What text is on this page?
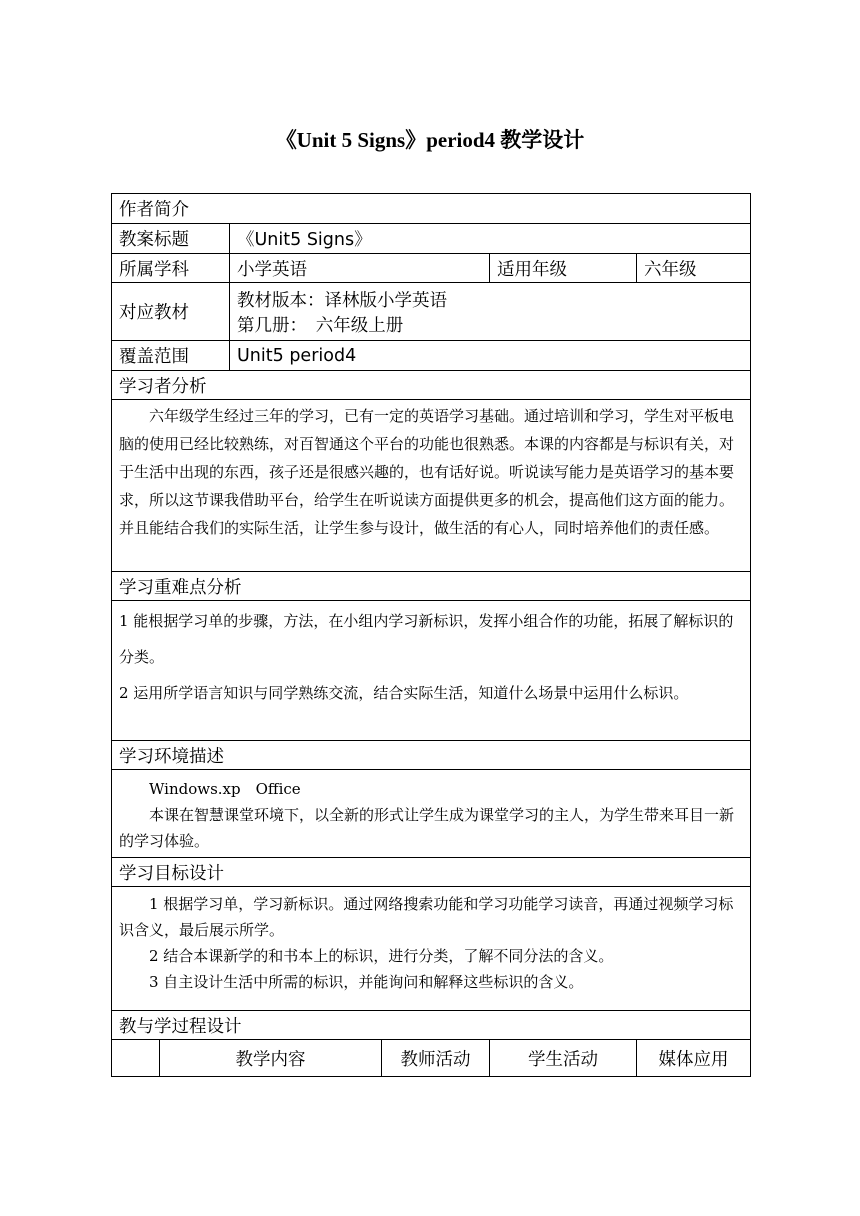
《Unit 5 Signs》period4 教学设计
作者简介					
教案标题		《Unit5 Signs》			
所属学科		小学英语		适用年级	六年级
对应教材		教材版本：译林版小学英语

第几册：　六年级上册			

覆盖范围		Unit5 period4			
学习者分析					

六年级学生经过三年的学习，已有一定的英语学习基础。通过培训和学习，学生对平板电脑的使用已经比较熟练，对百智通这个平台的功能也很熟悉。本课的内容都是与标识有关，对于生活中出现的东西，孩子还是很感兴趣的，也有话好说。听说读写能力是英语学习的基本要求，所以这节课我借助平台，给学生在听说读方面提供更多的机会，提高他们这方面的能力。并且能结合我们的实际生活，让学生参与设计，做生活的有心人，同时培养他们的责任感。					

学习重难点分析					

1 能根据学习单的步骤，方法，在小组内学习新标识，发挥小组合作的功能，拓展了解标识的分类。

2 运用所学语言知识与同学熟练交流，结合实际生活，知道什么场景中运用什么标识。					

学习环境描述					

Windows.xp　Office

本课在智慧课堂环境下，以全新的形式让学生成为课堂学习的主人，为学生带来耳目一新的学习体验。					

学习目标设计					

1 根据学习单，学习新标识。通过网络搜索功能和学习功能学习读音，再通过视频学习标识含义，最后展示所学。

2 结合本课新学的和书本上的标识，进行分类，了解不同分法的含义。

3 自主设计生活中所需的标识，并能询问和解释这些标识的含义。					

教与学过程设计					
	教学内容		教师活动	学生活动	媒体应用
